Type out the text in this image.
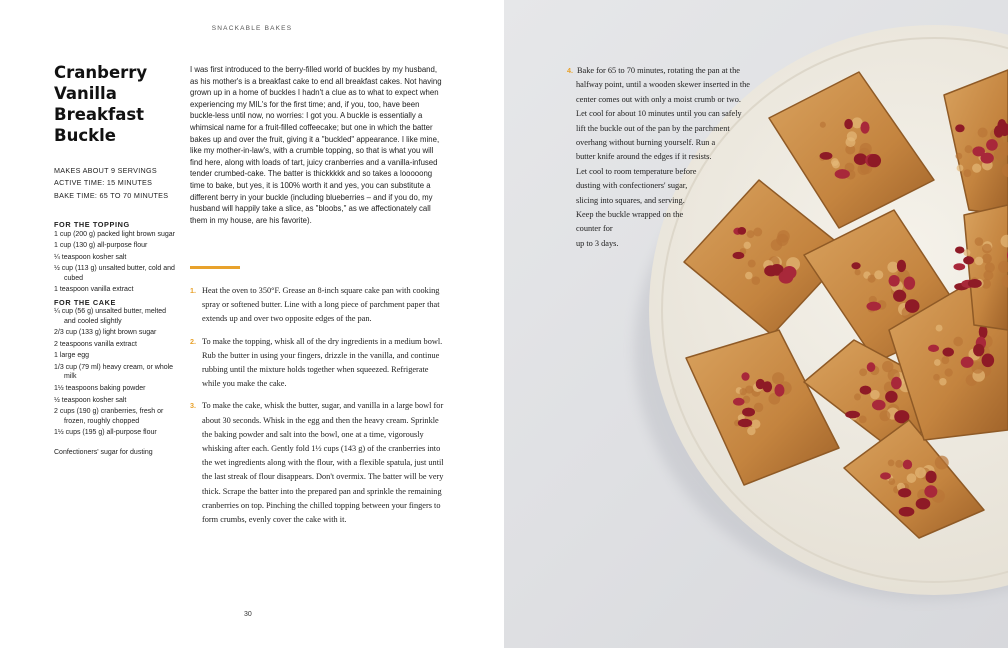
SNACKABLE BAKES
Cranberry
Vanilla
Breakfast
Buckle
MAKES ABOUT 9 SERVINGS
ACTIVE TIME: 15 MINUTES
BAKE TIME: 65 TO 70 MINUTES
FOR THE TOPPING
1 cup (200 g) packed light brown sugar
1 cup (130 g) all-purpose flour
¼ teaspoon kosher salt
½ cup (113 g) unsalted butter, cold and cubed
1 teaspoon vanilla extract
FOR THE CAKE
¼ cup (56 g) unsalted butter, melted and cooled slightly
2/3 cup (133 g) light brown sugar
2 teaspoons vanilla extract
1 large egg
1/3 cup (79 ml) heavy cream, or whole milk
1½ teaspoons baking powder
½ teaspoon kosher salt
2 cups (190 g) cranberries, fresh or frozen, roughly chopped
1½ cups (195 g) all-purpose flour
Confectioners' sugar for dusting
I was first introduced to the berry-filled world of buckles by my husband, as his mother's is a breakfast cake to end all breakfast cakes. Not having grown up in a home of buckles I hadn't a clue as to what to expect when experiencing my MIL's for the first time; and, if you, too, have been buckle-less until now, no worries: I got you. A buckle is essentially a whimsical name for a fruit-filled coffeecake; but one in which the batter bakes up and over the fruit, giving it a "buckled" appearance. I like mine, like my mother-in-law's, with a crumble topping, so that is what you will find here, along with loads of tart, juicy cranberries and a vanilla-infused tender crumbed-cake. The batter is thickkkkk and so takes a looooong time to bake, but yes, it is 100% worth it and yes, you can substitute a different berry in your buckle (including blueberries – and if you do, my husband will happily take a slice, as "bloobs," as we affectionately call them in my house, are his favorite).
1. Heat the oven to 350°F. Grease an 8-inch square cake pan with cooking spray or softened butter. Line with a long piece of parchment paper that extends up and over two opposite edges of the pan.
2. To make the topping, whisk all of the dry ingredients in a medium bowl. Rub the butter in using your fingers, drizzle in the vanilla, and continue rubbing until the mixture holds together when squeezed. Refrigerate while you make the cake.
3. To make the cake, whisk the butter, sugar, and vanilla in a large bowl for about 30 seconds. Whisk in the egg and then the heavy cream. Sprinkle the baking powder and salt into the bowl, one at a time, vigorously whisking after each. Gently fold 1½ cups (143 g) of the cranberries into the wet ingredients along with the flour, with a flexible spatula, just until the last streak of flour disappears. Don't overmix. The batter will be very thick. Scrape the batter into the prepared pan and sprinkle the remaining cranberries on top. Pinching the chilled topping between your fingers to form crumbs, evenly cover the cake with it.
30
4. Bake for 65 to 70 minutes, rotating the pan at the
halfway point, until a wooden skewer inserted in the
center comes out with only a moist crumb or two.
Let cool for about 10 minutes until you can safely
lift the buckle out of the pan by the parchment
overhang without burning yourself. Run a
butter knife around the edges if it resists.
Let cool to room temperature before
dusting with confectioners' sugar,
slicing into squares, and serving.
Keep the buckle wrapped on the
counter for
up to 3 days.
